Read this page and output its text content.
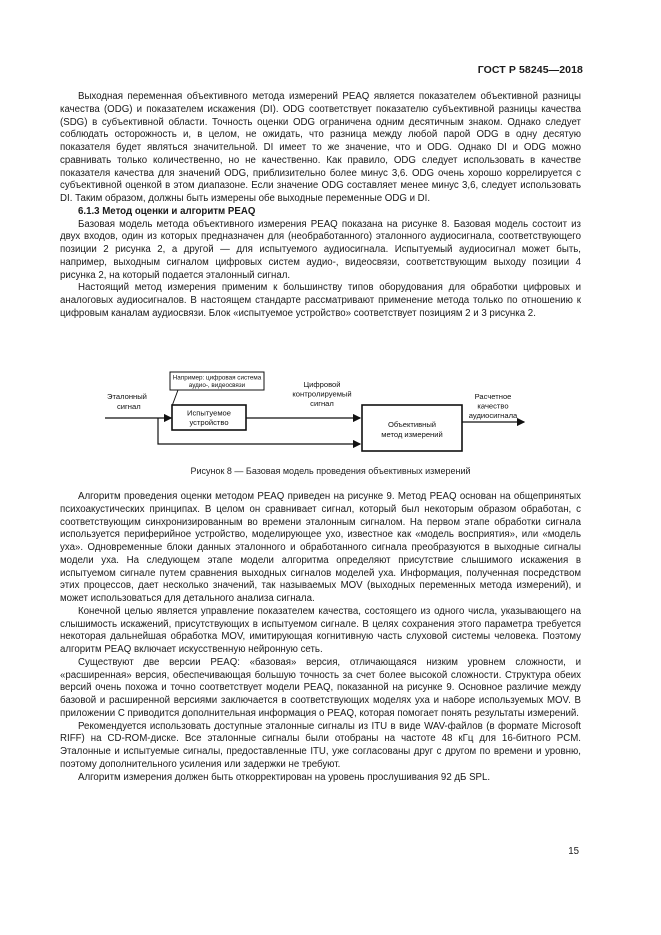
ГОСТ Р 58245—2018

Выходная переменная объективного метода измерений PEAQ является показателем объективной разницы качества (ODG) и показателем искажения (DI). ODG соответствует показателю субъективной разницы качества (SDG) в субъективной области. Точность оценки ODG ограничена одним десятичным знаком. Однако следует соблюдать осторожность и, в целом, не ожидать, что разница между любой парой ODG в одну десятую показателя будет являться значительной. DI имеет то же значение, что и ODG. Однако DI и ODG можно сравнивать только количественно, но не качественно. Как правило, ODG следует использовать в качестве показателя качества для значений ODG, приблизительно более минус 3,6. ODG очень хорошо коррелируется с субъективной оценкой в этом диапазоне. Если значение ODG составляет менее минус 3,6, следует использовать DI. Таким образом, должны быть измерены обе выходные переменные ODG и DI.

6.1.3 Метод оценки и алгоритм PEAQ

Базовая модель метода объективного измерения PEAQ показана на рисунке 8. Базовая модель состоит из двух входов, один из которых предназначен для (необработанного) эталонного аудиосигнала, соответствующего позиции 2 рисунка 2, а другой — для испытуемого аудиосигнала. Испытуемый аудиосигнал может быть, например, выходным сигналом цифровых систем аудио-, видеосвязи, соответствующим выходу позиции 4 рисунка 2, на который подается эталонный сигнал.

Настоящий метод измерения применим к большинству типов оборудования для обработки цифровых и аналоговых аудиосигналов. В настоящем стандарте рассматривают применение метода только по отношению к цифровым каналам аудиосвязи. Блок «испытуемое устройство» соответствует позициям 2 и 3 рисунка 2.

Например: цифровая система
аудио-, видеосвязи
Эталонный
сигнал
Испытуемое
устройство
Цифровой
контролируемый
сигнал
Объективный
метод измерений
Расчетное
качество
аудиосигнала
Рисунок 8 — Базовая модель проведения объективных измерений

Алгоритм проведения оценки методом PEAQ приведен на рисунке 9. Метод PEAQ основан на общепринятых психоакустических принципах. В целом он сравнивает сигнал, который был некоторым образом обработан, с соответствующим синхронизированным во времени эталонным сигналом. На первом этапе обработки сигнала используется периферийное устройство, моделирующее ухо, известное как «модель восприятия», или «модель уха». Одновременные блоки данных эталонного и обработанного сигнала преобразуются в выходные сигналы модели уха. На следующем этапе модели алгоритма определяют присутствие слышимого искажения в испытуемом сигнале путем сравнения выходных сигналов моделей уха. Информация, полученная посредством этих процессов, дает несколько значений, так называемых MOV (выходных переменных метода измерений), и может использоваться для детального анализа сигнала.

Конечной целью является управление показателем качества, состоящего из одного числа, указывающего на слышимость искажений, присутствующих в испытуемом сигнале. В целях сохранения этого параметра требуется некоторая дальнейшая обработка MOV, имитирующая когнитивную часть слуховой системы человека. Поэтому алгоритм PEAQ включает искусственную нейронную сеть.

Существуют две версии PEAQ: «базовая» версия, отличающаяся низким уровнем сложности, и «расширенная» версия, обеспечивающая большую точность за счет более высокой сложности. Структура обеих версий очень похожа и точно соответствует модели PEAQ, показанной на рисунке 9. Основное различие между базовой и расширенной версиями заключается в соответствующих моделях уха и наборе используемых MOV. В приложении С приводится дополнительная информация о PEAQ, которая помогает понять результаты измерений.

Рекомендуется использовать доступные эталонные сигналы из ITU в виде WAV-файлов (в формате Microsoft RIFF) на CD-ROM-диске. Все эталонные сигналы были отобраны на частоте 48 кГц для 16-битного PCM. Эталонные и испытуемые сигналы, предоставленные ITU, уже согласованы друг с другом по времени и уровню, поэтому дополнительного усиления или задержки не требуют.

Алгоритм измерения должен быть откорректирован на уровень прослушивания 92 дБ SPL.

15
